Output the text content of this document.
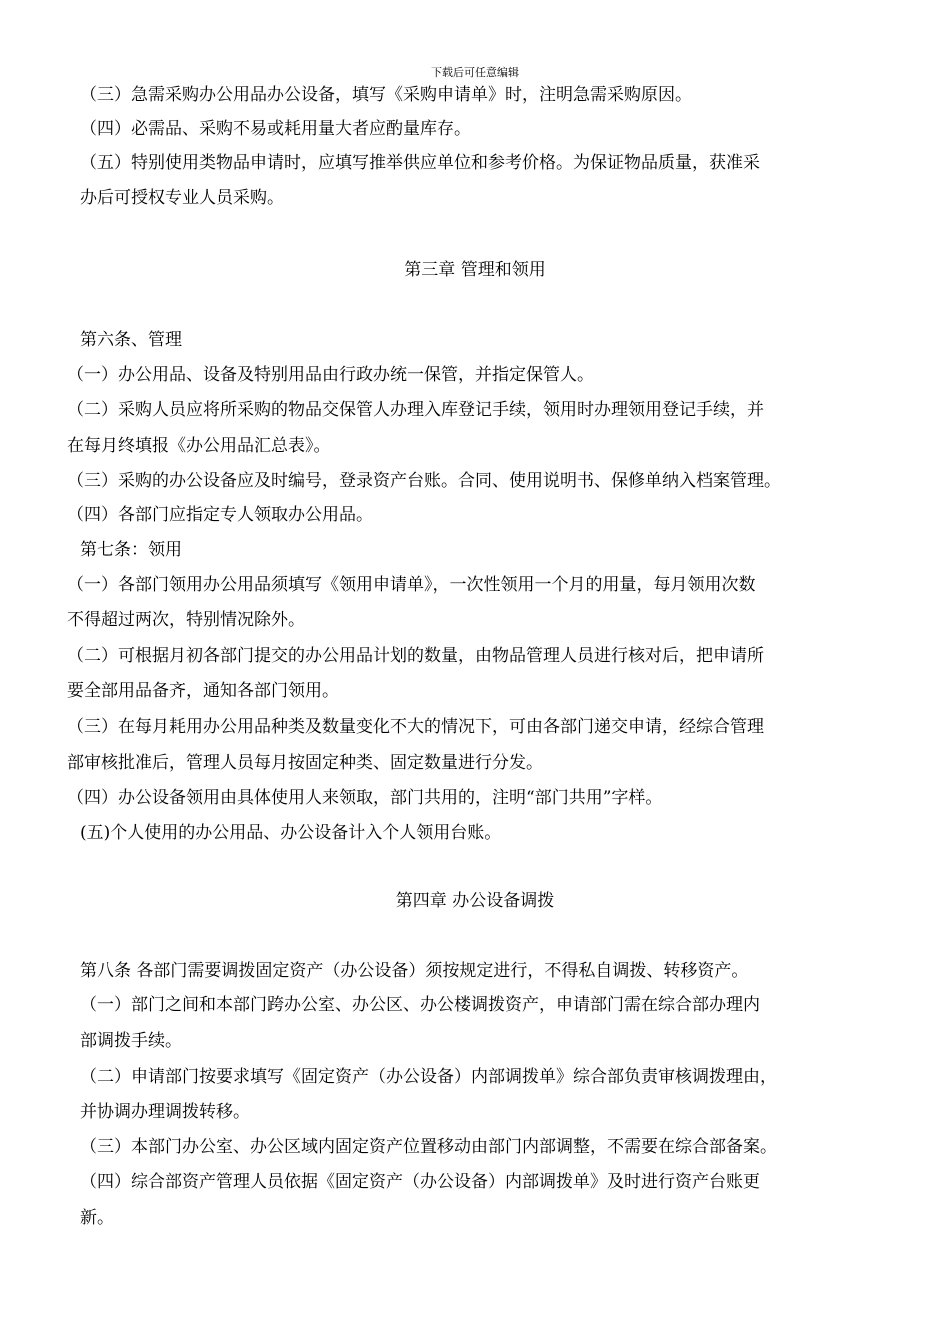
下载后可任意编辑
（三）急需采购办公用品办公设备，填写《采购申请单》时，注明急需采购原因。
（四）必需品、采购不易或耗用量大者应酌量库存。
（五）特别使用类物品申请时，应填写推举供应单位和参考价格。为保证物品质量，获准采
办后可授权专业人员采购。
第三章 管理和领用
第六条、管理
（一）办公用品、设备及特别用品由行政办统一保管，并指定保管人。
（二）采购人员应将所采购的物品交保管人办理入库登记手续，领用时办理领用登记手续，并
在每月终填报《办公用品汇总表》。
（三）采购的办公设备应及时编号，登录资产台账。合同、使用说明书、保修单纳入档案管理。
（四）各部门应指定专人领取办公用品。
第七条：领用
（一）各部门领用办公用品须填写《领用申请单》，一次性领用一个月的用量，每月领用次数
不得超过两次，特别情况除外。
（二）可根据月初各部门提交的办公用品计划的数量，由物品管理人员进行核对后，把申请所
要全部用品备齐，通知各部门领用。
（三）在每月耗用办公用品种类及数量变化不大的情况下，可由各部门递交申请，经综合管理
部审核批准后，管理人员每月按固定种类、固定数量进行分发。
（四）办公设备领用由具体使用人来领取，部门共用的，注明“部门共用”字样。
(五)个人使用的办公用品、办公设备计入个人领用台账。
第四章 办公设备调拨
第八条 各部门需要调拨固定资产（办公设备）须按规定进行，不得私自调拨、转移资产。
（一）部门之间和本部门跨办公室、办公区、办公楼调拨资产，申请部门需在综合部办理内
部调拨手续。
（二）申请部门按要求填写《固定资产（办公设备）内部调拨单》综合部负责审核调拨理由，
并协调办理调拨转移。
（三）本部门办公室、办公区域内固定资产位置移动由部门内部调整，不需要在综合部备案。
（四）综合部资产管理人员依据《固定资产（办公设备）内部调拨单》及时进行资产台账更
新。
